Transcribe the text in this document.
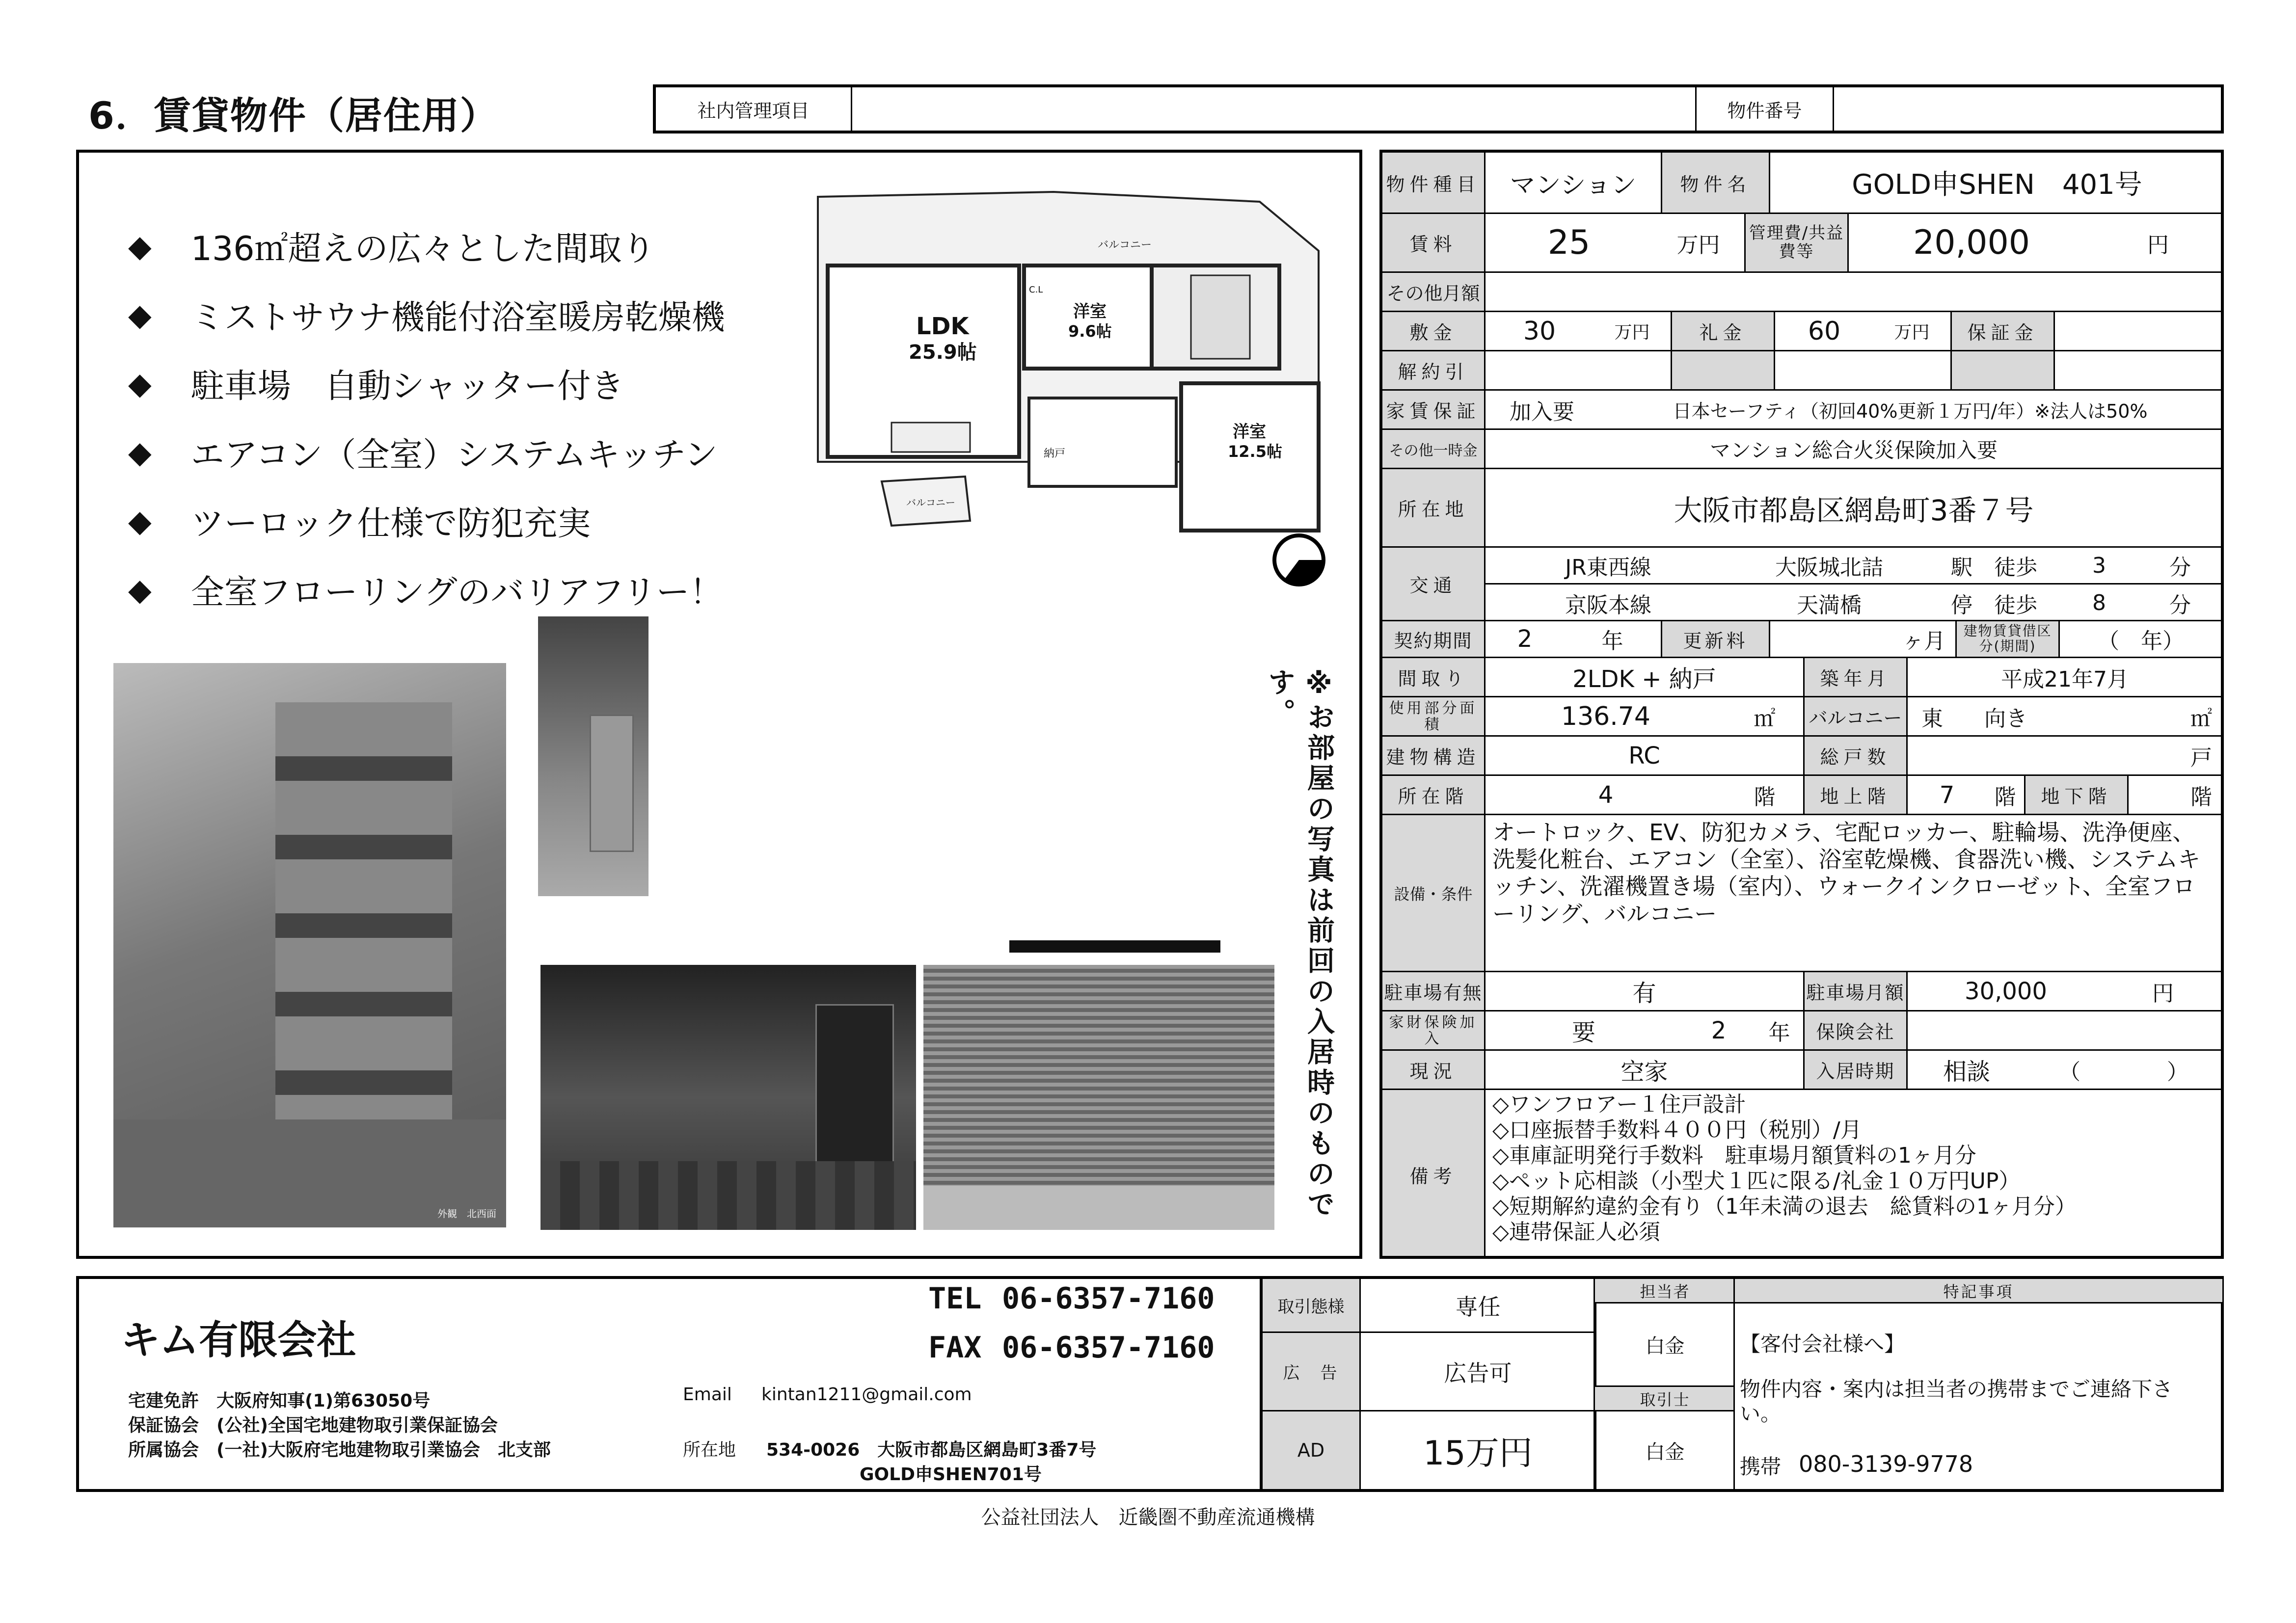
6．賃貸物件（居住用）	社内管理項目	物件番号
◆ 136㎡超えの広々とした間取り
◆ ミストサウナ機能付浴室暖房乾燥機
◆ 駐車場　自動シャッター付き
◆ エアコン（全室）システムキッチン
◆ ツーロック仕様で防犯充実
◆ 全室フローリングのバリアフリー！
バルコニー
バルコニー
LDK
25.9帖
洋室
9.6帖
洋室
12.5帖
納戸
C.L
外観　北西面	※お部屋の写真は前回の入居時のものです。
物件種目	マンション	物件名	GOLD申SHEN　401号
賃料	25	万円	管理費/共益費等	20,000	円
その他月額
敷金	30	万円	礼金	60	万円	保証金
解約引
家賃保証	加入要	日本セーフティ（初回40%更新１万円/年）※法人は50%
その他一時金	マンション総合火災保険加入要
所在地	大阪市都島区網島町3番７号
交通
JR東西線	大阪城北詰	駅	徒歩	3	分
京阪本線	天満橋	停	徒歩	8	分
契約期間	2	年	更新料	ヶ月	建物賃貸借区分(期間)	（　年）
間取り	2LDK + 納戸	築年月	平成21年7月
使用部分面積	136.74	㎡	バルコニー 東	向き	㎡
建物構造	RC	総戸数	戸
所在階	4	階	地上階	7	階	地下階	階
設備・条件
オートロック、EV、防犯カメラ、宅配ロッカー、駐輪場、洗浄便座、洗髪化粧台、エアコン（全室）、浴室乾燥機、食器洗い機、システムキッチン、洗濯機置き場（室内）、ウォークインクローゼット、全室フローリング、バルコニー
駐車場有無	有	駐車場月額	30,000	円
家財保険加入	要	2	年	保険会社
現況	空家	入居時期	相談	（　　　　）
備考
◇ワンフロアー１住戸設計
◇口座振替手数料４００円（税別）/月
◇車庫証明発行手数料　駐車場月額賃料の1ヶ月分
◇ペット応相談（小型犬１匹に限る/礼金１０万円UP）
◇短期解約違約金有り（1年未満の退去　総賃料の1ヶ月分）
◇連帯保証人必須
キム有限会社
宅建免許　大阪府知事(1)第63050号
保証協会　(公社)全国宅地建物取引業保証協会
所属協会　(一社)大阪府宅地建物取引業協会　北支部
TEL 06-6357-7160
FAX 06-6357-7160
Email kintan1211@gmail.com
所在地 534-0026　大阪市都島区網島町3番7号
GOLD申SHEN701号
取引態様	専任
広　告	広告可
AD	15万円
担当者
白金
取引士
白金
特記事項
【客付会社様へ】
物件内容・案内は担当者の携帯までご連絡下さい。
携帯 080-3139-9778
公益社団法人　近畿圏不動産流通機構
